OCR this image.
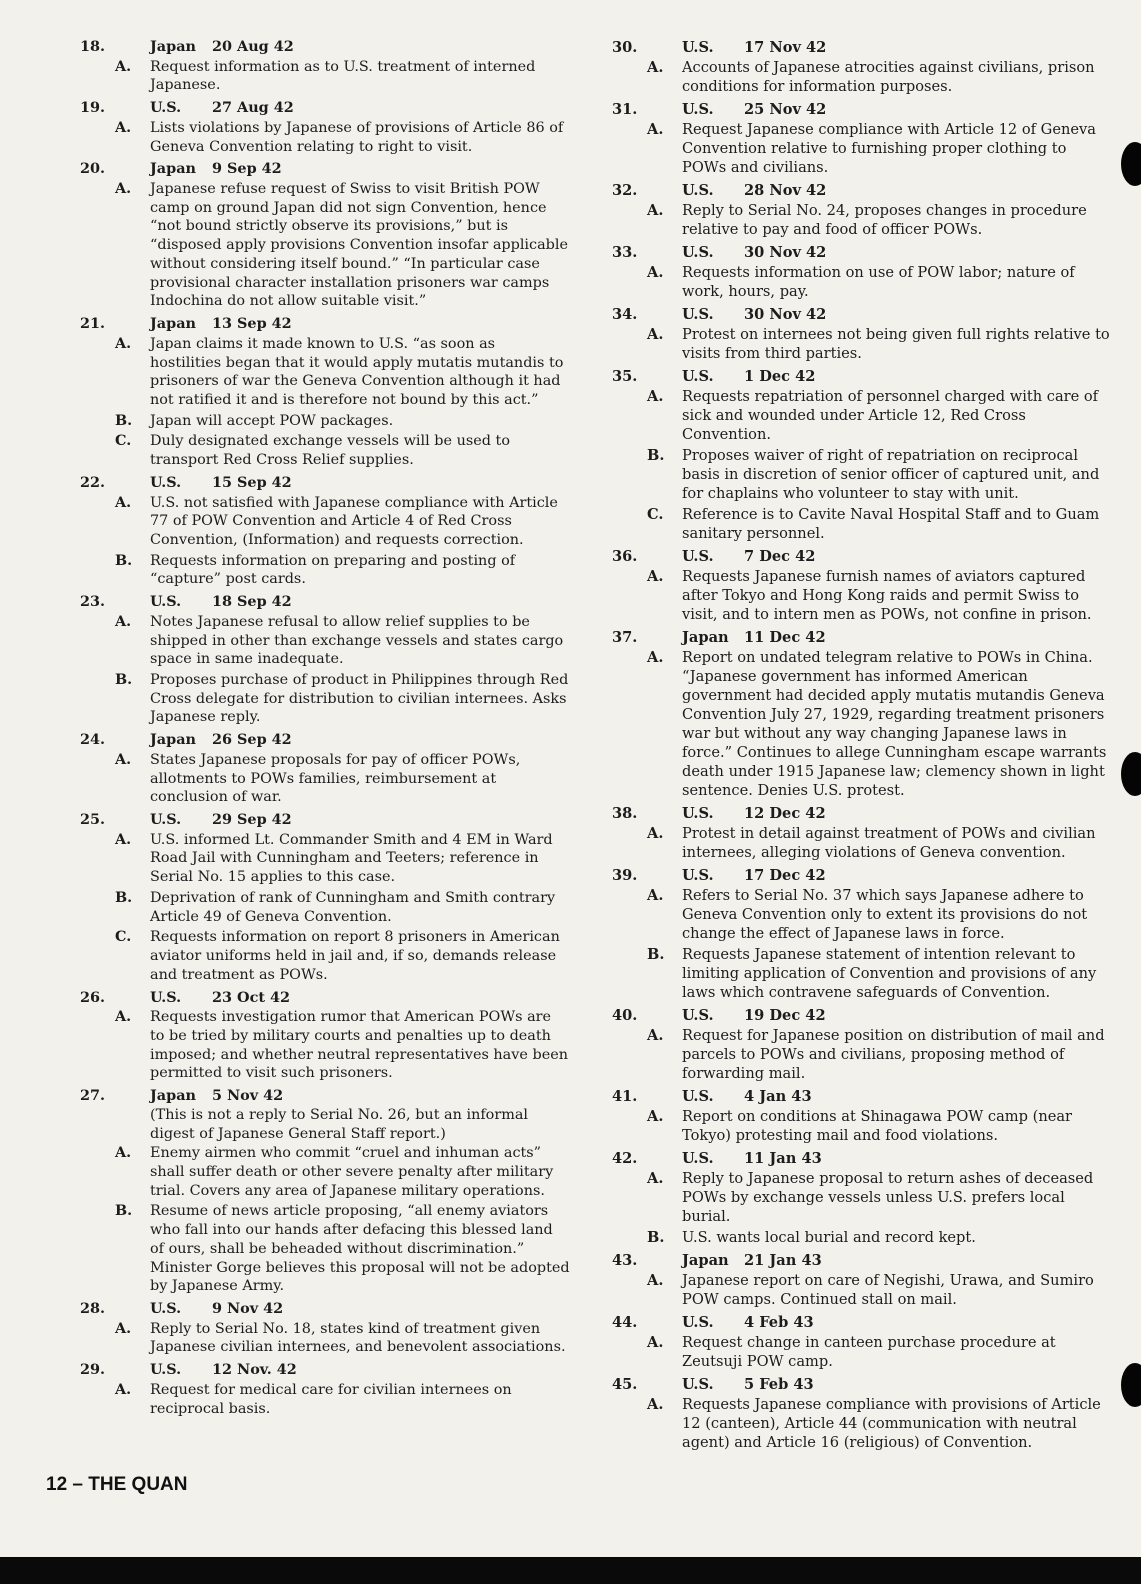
18.	Japan	20 Aug 42
A.	Request information as to U.S. treatment of interned Japanese.
19.	U.S.	27 Aug 42
A.	Lists violations by Japanese of provisions of Article 86 of Geneva Convention relating to right to visit.
20.	Japan	9 Sep 42
A.	Japanese refuse request of Swiss to visit British POW camp on ground Japan did not sign Convention, hence “not bound strictly observe its provisions,” but is “disposed apply provisions Convention insofar applicable without considering itself bound.” “In particular case provisional character installation prisoners war camps Indochina do not allow suitable visit.”
21.	Japan	13 Sep 42
A.	Japan claims it made known to U.S. “as soon as hostilities began that it would apply mutatis mutandis to prisoners of war the Geneva Convention although it had not ratified it and is therefore not bound by this act.”
B.	Japan will accept POW packages.
C.	Duly designated exchange vessels will be used to transport Red Cross Relief supplies.
22.	U.S.	15 Sep 42
A.	U.S. not satisfied with Japanese compliance with Article 77 of POW Convention and Article 4 of Red Cross Convention, (Information) and requests correction.
B.	Requests information on preparing and posting of “capture” post cards.
23.	U.S.	18 Sep 42
A.	Notes Japanese refusal to allow relief supplies to be shipped in other than exchange vessels and states cargo space in same inadequate.
B.	Proposes purchase of product in Philippines through Red Cross delegate for distribution to civilian internees. Asks Japanese reply.
24.	Japan	26 Sep 42
A.	States Japanese proposals for pay of officer POWs, allotments to POWs families, reimbursement at conclusion of war.
25.	U.S.	29 Sep 42
A.	U.S. informed Lt. Commander Smith and 4 EM in Ward Road Jail with Cunningham and Teeters; reference in Serial No. 15 applies to this case.
B.	Deprivation of rank of Cunningham and Smith contrary Article 49 of Geneva Convention.
C.	Requests information on report 8 prisoners in American aviator uniforms held in jail and, if so, demands release and treatment as POWs.
26.	U.S.	23 Oct 42
A.	Requests investigation rumor that American POWs are to be tried by military courts and penalties up to death imposed; and whether neutral representatives have been permitted to visit such prisoners.
27.	Japan	5 Nov 42
(This is not a reply to Serial No. 26, but an informal digest of Japanese General Staff report.)
A.	Enemy airmen who commit “cruel and inhuman acts” shall suffer death or other severe penalty after military trial. Covers any area of Japanese military operations.
B.	Resume of news article proposing, “all enemy aviators who fall into our hands after defacing this blessed land of ours, shall be beheaded without discrimination.” Minister Gorge believes this proposal will not be adopted by Japanese Army.
28.	U.S.	9 Nov 42
A.	Reply to Serial No. 18, states kind of treatment given Japanese civilian internees, and benevolent associations.
29.	U.S.	12 Nov. 42
A.	Request for medical care for civilian internees on reciprocal basis.
30.	U.S.	17 Nov 42
A.	Accounts of Japanese atrocities against civilians, prison conditions for information purposes.
31.	U.S.	25 Nov 42
A.	Request Japanese compliance with Article 12 of Geneva Convention relative to furnishing proper clothing to POWs and civilians.
32.	U.S.	28 Nov 42
A.	Reply to Serial No. 24, proposes changes in procedure relative to pay and food of officer POWs.
33.	U.S.	30 Nov 42
A.	Requests information on use of POW labor; nature of work, hours, pay.
34.	U.S.	30 Nov 42
A.	Protest on internees not being given full rights relative to visits from third parties.
35.	U.S.	1 Dec 42
A.	Requests repatriation of personnel charged with care of sick and wounded under Article 12, Red Cross Convention.
B.	Proposes waiver of right of repatriation on reciprocal basis in discretion of senior officer of captured unit, and for chaplains who volunteer to stay with unit.
C.	Reference is to Cavite Naval Hospital Staff and to Guam sanitary personnel.
36.	U.S.	7 Dec 42
A.	Requests Japanese furnish names of aviators captured after Tokyo and Hong Kong raids and permit Swiss to visit, and to intern men as POWs, not confine in prison.
37.	Japan	11 Dec 42
A.	Report on undated telegram relative to POWs in China. “Japanese government has informed American government had decided apply mutatis mutandis Geneva Convention July 27, 1929, regarding treatment prisoners war but without any way changing Japanese laws in force.” Continues to allege Cunningham escape warrants death under 1915 Japanese law; clemency shown in light sentence. Denies U.S. protest.
38.	U.S.	12 Dec 42
A.	Protest in detail against treatment of POWs and civilian internees, alleging violations of Geneva convention.
39.	U.S.	17 Dec 42
A.	Refers to Serial No. 37 which says Japanese adhere to Geneva Convention only to extent its provisions do not change the effect of Japanese laws in force.
B.	Requests Japanese statement of intention relevant to limiting application of Convention and provisions of any laws which contravene safeguards of Convention.
40.	U.S.	19 Dec 42
A.	Request for Japanese position on distribution of mail and parcels to POWs and civilians, proposing method of forwarding mail.
41.	U.S.	4 Jan 43
A.	Report on conditions at Shinagawa POW camp (near Tokyo) protesting mail and food violations.
42.	U.S.	11 Jan 43
A.	Reply to Japanese proposal to return ashes of deceased POWs by exchange vessels unless U.S. prefers local burial.
B.	U.S. wants local burial and record kept.
43.	Japan	21 Jan 43
A.	Japanese report on care of Negishi, Urawa, and Sumiro POW camps. Continued stall on mail.
44.	U.S.	4 Feb 43
A.	Request change in canteen purchase procedure at Zeutsuji POW camp.
45.	U.S.	5 Feb 43
A.	Requests Japanese compliance with provisions of Article 12 (canteen), Article 44 (communication with neutral agent) and Article 16 (religious) of Convention.
12 – THE QUAN
